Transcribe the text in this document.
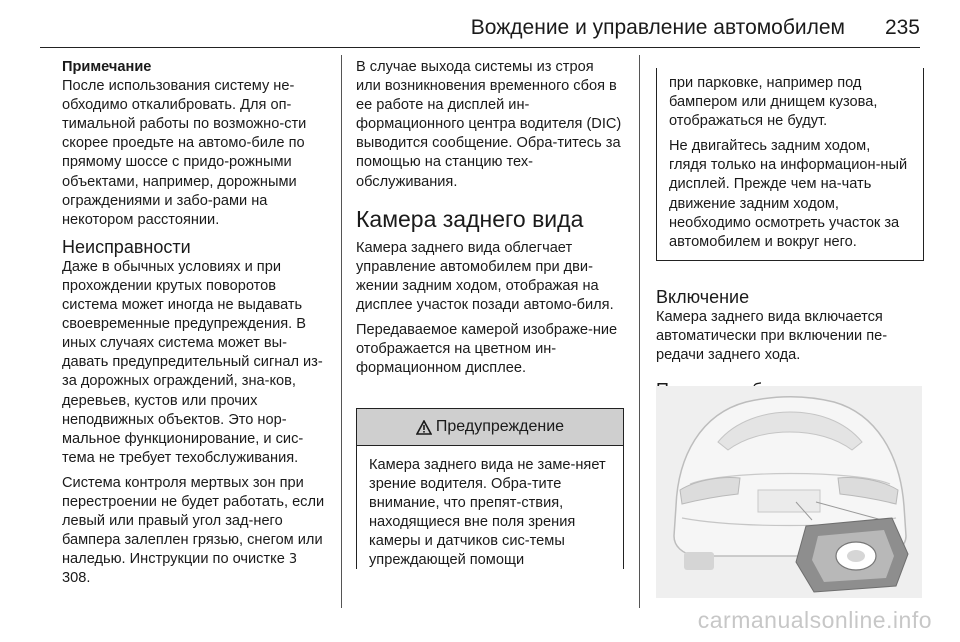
Вождение и управление автомобилем 235
Примечание

После использования систему не-обходимо откалибровать. Для оп-тимальной работы по возможно-сти скорее проедьте на автомо-биле по прямому шоссе с придо-рожными объектами, например, дорожными ограждениями и забо-рами на некотором расстоянии.

Неисправности

Даже в обычных условиях и при прохождении крутых поворотов система может иногда не выдавать своевременные предупреждения. В иных случаях система может вы-давать предупредительный сигнал из-за дорожных ограждений, зна-ков, деревьев, кустов или прочих неподвижных объектов. Это нор-мальное функционирование, и сис-тема не требует техобслуживания.

Система контроля мертвых зон при перестроении не будет работать, если левый или правый угол зад-него бампера залеплен грязью, снегом или наледью. Инструкции по очистке 3 308.

В случае выхода системы из строя или возникновения временного сбоя в ее работе на дисплей ин-формационного центра водителя (DIC) выводится сообщение. Обра-титесь за помощью на станцию тех-обслуживания.

Камера заднего вида

Камера заднего вида облегчает управление автомобилем при дви-жении задним ходом, отображая на дисплее участок позади автомо-биля.

Передаваемое камерой изображе-ние отображается на цветном ин-формационном дисплее.

Предупреждение
Камера заднего вида не заме-няет зрение водителя. Обра-тите внимание, что препят-ствия, находящиеся вне поля зрения камеры и датчиков сис-темы упреждающей помощи

при парковке, например под бампером или днищем кузова, отображаться не будут.

Не двигайтесь задним ходом, глядя только на информацион-ный дисплей. Прежде чем на-чать движение задним ходом, необходимо осмотреть участок за автомобилем и вокруг него.

Включение

Камера заднего вида включается автоматически при включении пе-редачи заднего хода.

carmanualsonline.info
